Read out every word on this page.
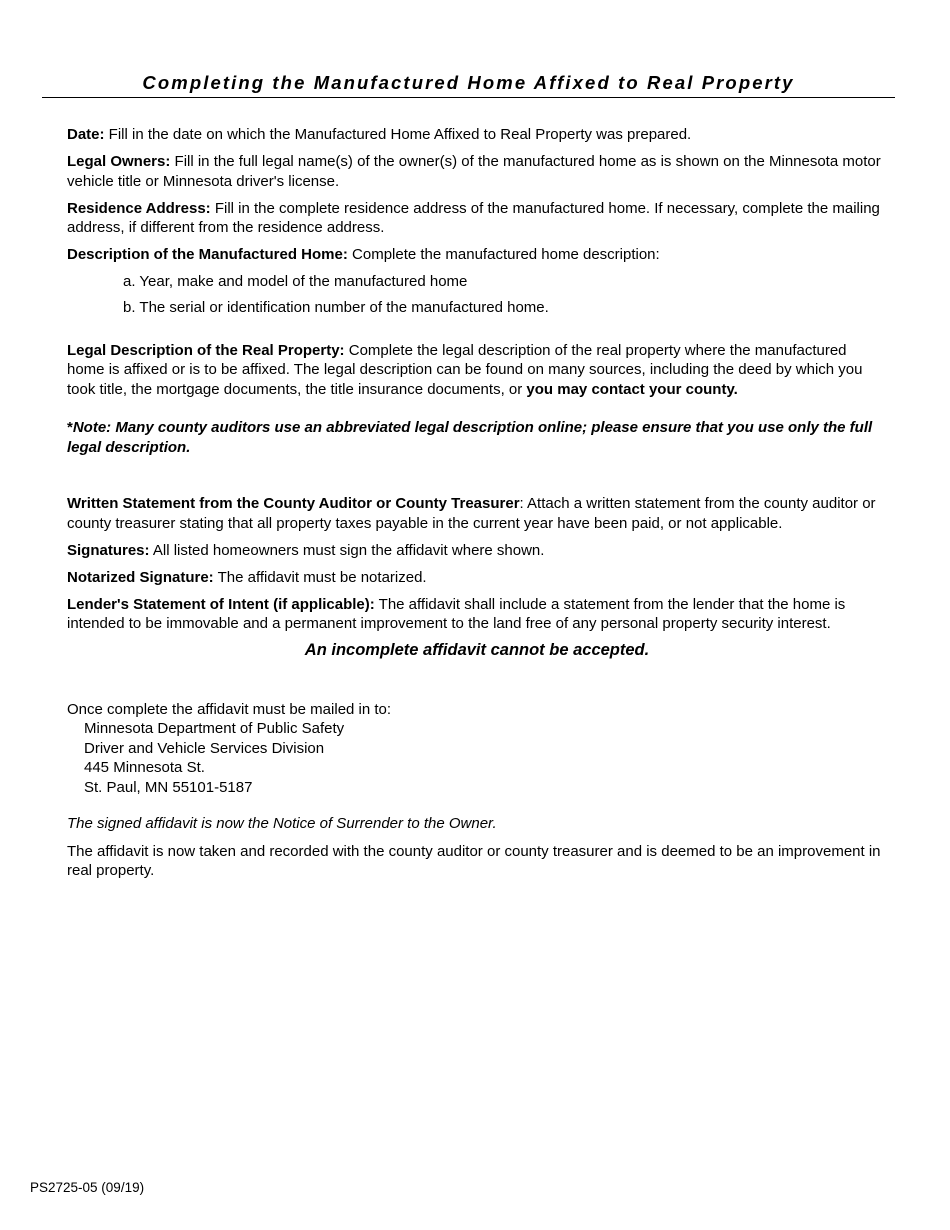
Completing the Manufactured Home Affixed to Real Property

Date: Fill in the date on which the Manufactured Home Affixed to Real Property was prepared.

Legal Owners: Fill in the full legal name(s) of the owner(s) of the manufactured home as is shown on the Minnesota motor vehicle title or Minnesota driver's license.

Residence Address: Fill in the complete residence address of the manufactured home. If necessary, complete the mailing address, if different from the residence address.

Description of the Manufactured Home: Complete the manufactured home description:

a. Year, make and model of the manufactured home

b. The serial or identification number of the manufactured home.

Legal Description of the Real Property: Complete the legal description of the real property where the manufactured home is affixed or is to be affixed. The legal description can be found on many sources, including the deed by which you took title, the mortgage documents, the title insurance documents, or you may contact your county.

*Note: Many county auditors use an abbreviated legal description online; please ensure that you use only the full legal description.

Written Statement from the County Auditor or County Treasurer: Attach a written statement from the county auditor or county treasurer stating that all property taxes payable in the current year have been paid, or not applicable.

Signatures: All listed homeowners must sign the affidavit where shown.

Notarized Signature: The affidavit must be notarized.

Lender's Statement of Intent (if applicable): The affidavit shall include a statement from the lender that the home is intended to be immovable and a permanent improvement to the land free of any personal property security interest.

An incomplete affidavit cannot be accepted.

Once complete the affidavit must be mailed in to:

Minnesota Department of Public Safety

Driver and Vehicle Services Division

445 Minnesota St.

St. Paul, MN 55101-5187

The signed affidavit is now the Notice of Surrender to the Owner.

The affidavit is now taken and recorded with the county auditor or county treasurer and is deemed to be an improvement in real property.

PS2725-05 (09/19)
